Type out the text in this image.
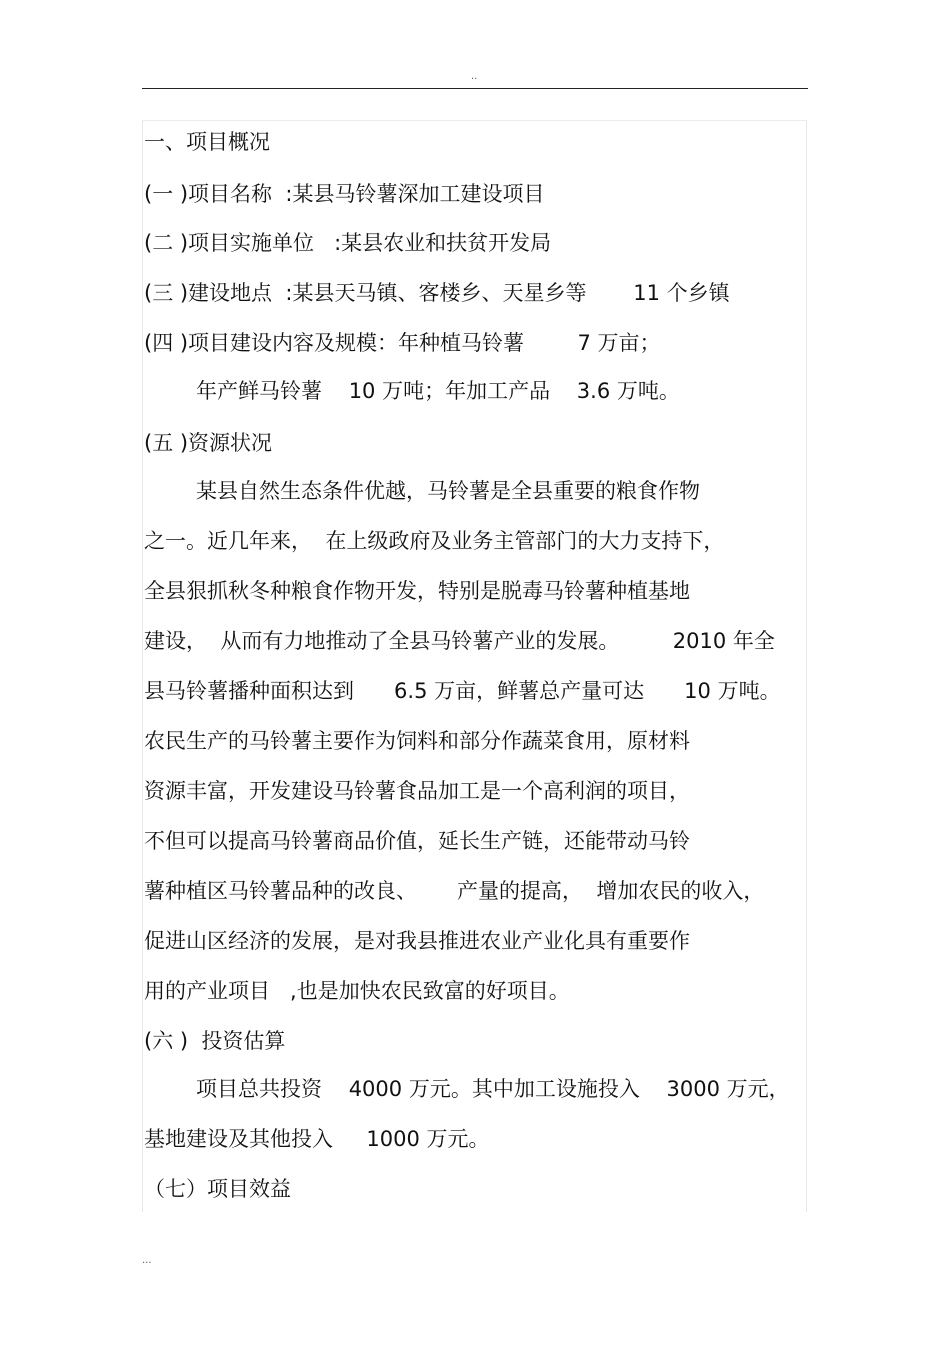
..

一、项目概况

(一 )项目名称  :某县马铃薯深加工建设项目

(二 )项目实施单位   :某县农业和扶贫开发局

(三 )建设地点  :某县天马镇、客楼乡、天星乡等       11 个乡镇

(四 )项目建设内容及规模：年种植马铃薯        7 万亩；

年产鲜马铃薯    10 万吨；年加工产品    3.6 万吨。

(五 )资源状况

某县自然生态条件优越，马铃薯是全县重要的粮食作物

之一。近几年来，  在上级政府及业务主管部门的大力支持下，

全县狠抓秋冬种粮食作物开发，特别是脱毒马铃薯种植基地

建设，  从而有力地推动了全县马铃薯产业的发展。        2010 年全

县马铃薯播种面积达到      6.5 万亩，鲜薯总产量可达      10 万吨。

农民生产的马铃薯主要作为饲料和部分作蔬菜食用，原材料

资源丰富，开发建设马铃薯食品加工是一个高利润的项目，

不但可以提高马铃薯商品价值，延长生产链，还能带动马铃

薯种植区马铃薯品种的改良、      产量的提高，  增加农民的收入，

促进山区经济的发展，是对我县推进农业产业化具有重要作

用的产业项目   ,也是加快农民致富的好项目。

(六 )  投资估算

项目总共投资    4000 万元。其中加工设施投入    3000 万元，

基地建设及其他投入     1000 万元。

（七）项目效益

...
